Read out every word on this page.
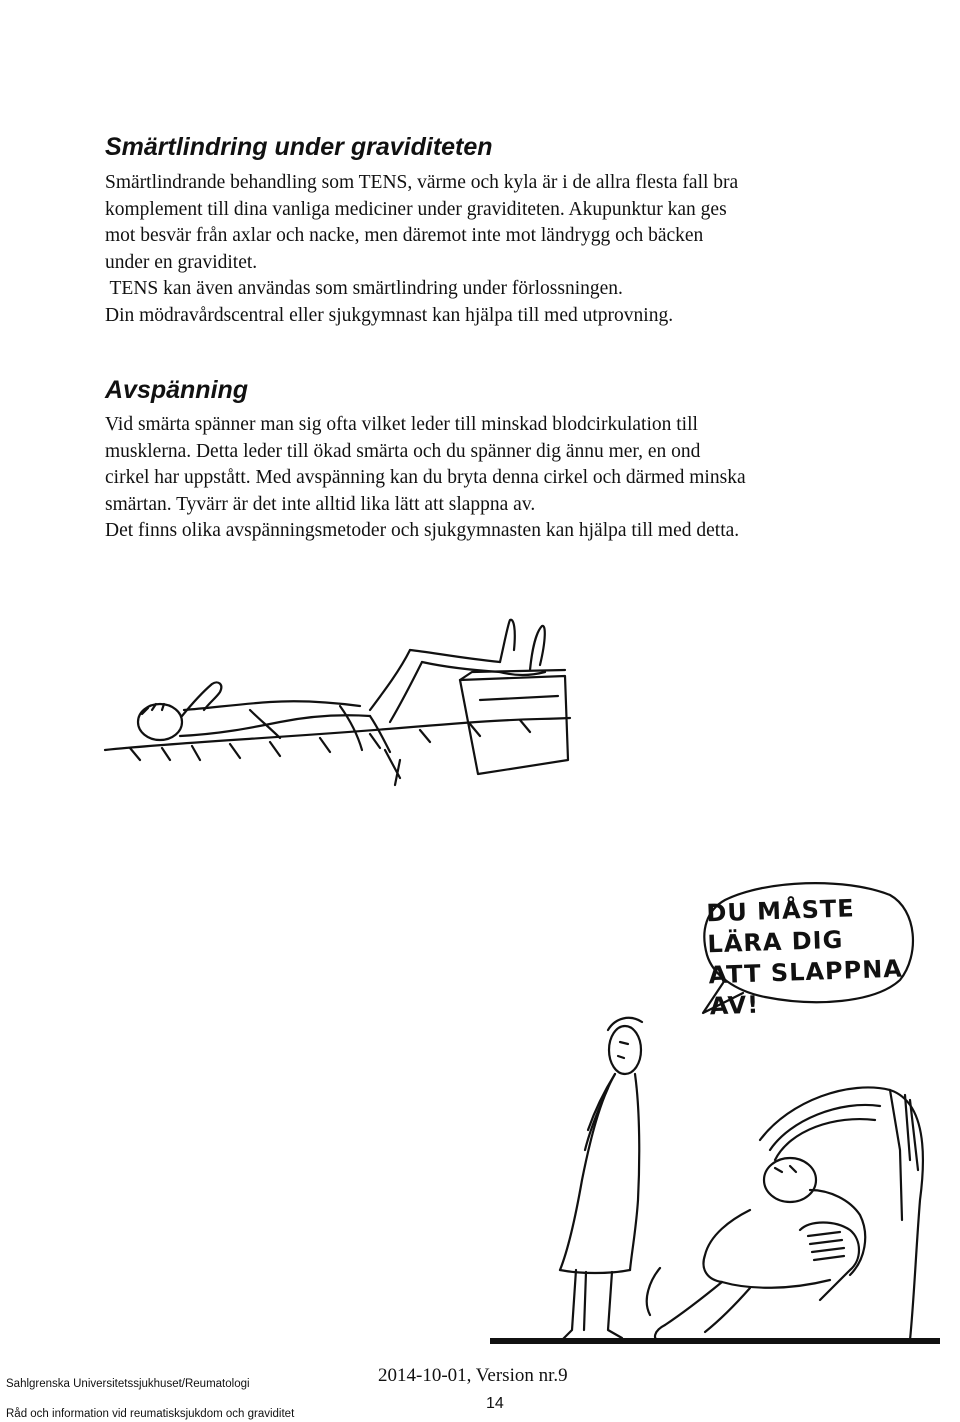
Smärtlindring under graviditeten
Smärtlindrande behandling som TENS, värme och kyla är i de allra flesta fall bra
komplement till dina vanliga mediciner under graviditeten. Akupunktur kan ges
mot besvär från axlar och nacke, men däremot inte mot ländrygg och bäcken
under en graviditet.
TENS kan även användas som smärtlindring under förlossningen.
Din mödravårdscentral eller sjukgymnast kan hjälpa till med utprovning.
Avspänning
Vid smärta spänner man sig ofta vilket leder till minskad blodcirkulation till
musklerna. Detta leder till ökad smärta och du spänner dig ännu mer, en ond
cirkel har uppstått. Med avspänning kan du bryta denna cirkel och därmed minska
smärtan. Tyvärr är det inte alltid lika lätt att slappna av.
Det finns olika avspänningsmetoder och sjukgymnasten kan hjälpa till med detta.
DU MÅSTE LÄRA DIG ATT SLAPPNA AV!
Sahlgrenska Universitetssjukhuset/Reumatologi	2014-10-01, Version nr.9
14
Råd och information vid reumatisksjukdom och graviditet
